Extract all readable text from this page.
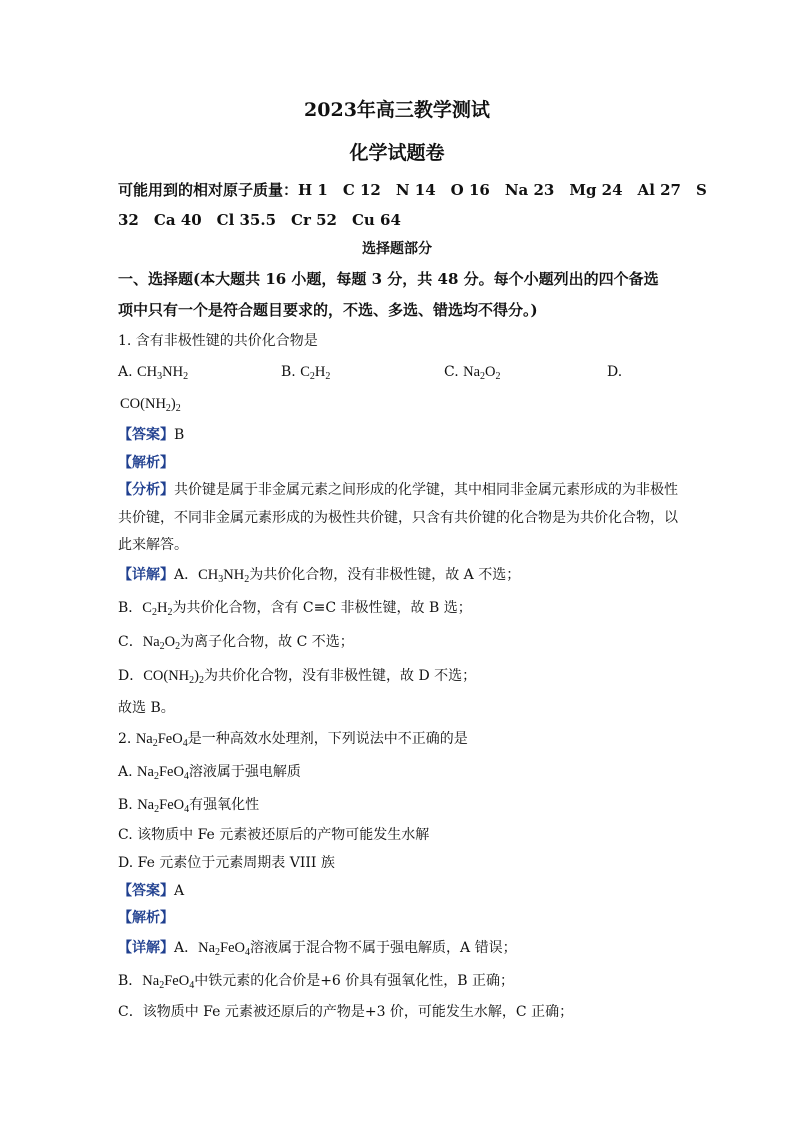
2023年高三教学测试
化学试题卷
可能用到的相对原子质量：H 1　C 12　N 14　O 16　Na 23　Mg 24　Al 27　S
32　Ca 40　Cl 35.5　Cr 52　Cu 64
选择题部分
一、选择题(本大题共 16 小题，每题 3 分，共 48 分。每个小题列出的四个备选
项中只有一个是符合题目要求的，不选、多选、错选均不得分。)
1. 含有非极性键的共价化合物是
A. $CH_3NH_2$	B. $C_2H_2$	C. $Na_2O_2$	D.
$CO(NH_2)_2$
【答案】B
【解析】
【分析】共价键是属于非金属元素之间形成的化学键，其中相同非金属元素形成的为非极性
共价键，不同非金属元素形成的为极性共价键，只含有共价键的化合物是为共价化合物，以
此来解答。
【详解】A．$CH_3NH_2$为共价化合物，没有非极性键，故 A 不选；
B．$C_2H_2$为共价化合物，含有 C≡C 非极性键，故 B 选；
C．$Na_2O_2$为离子化合物，故 C 不选；
D．$CO(NH_2)_2$为共价化合物，没有非极性键，故 D 不选；
故选 B。
2. $Na_2FeO_4$是一种高效水处理剂，下列说法中不正确的是
A. $Na_2FeO_4$溶液属于强电解质
B. $Na_2FeO_4$有强氧化性
C. 该物质中 Fe 元素被还原后的产物可能发生水解
D. Fe 元素位于元素周期表 VIII 族
【答案】A
【解析】
【详解】A．$Na_2FeO_4$溶液属于混合物不属于强电解质，A 错误；
B．$Na_2FeO_4$中铁元素的化合价是+6 价具有强氧化性，B 正确；
C．该物质中 Fe 元素被还原后的产物是+3 价，可能发生水解，C 正确；
